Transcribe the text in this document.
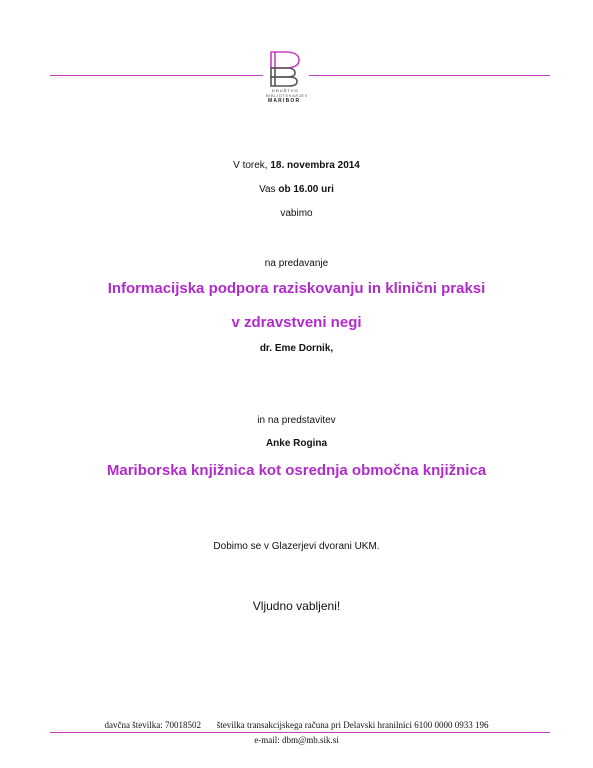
DRUŠTVO
BIBLIOTEKARJEV
MARIBOR
V torek, 18. novembra 2014
Vas ob 16.00 uri
vabimo
na predavanje
Informacijska podpora raziskovanju in klinični praksi
v zdravstveni negi
dr. Eme Dornik,
in na predstavitev
Anke Rogina
Mariborska knjižnica kot osrednja območna knjižnica
Dobimo se v Glazerjevi dvorani UKM.
Vljudno vabljeni!
davčna številka: 70018502 številka transakcijskega računa pri Delavski hranilnici 6100 0000 0933 196
e-mail: dbm@mb.sik.si
